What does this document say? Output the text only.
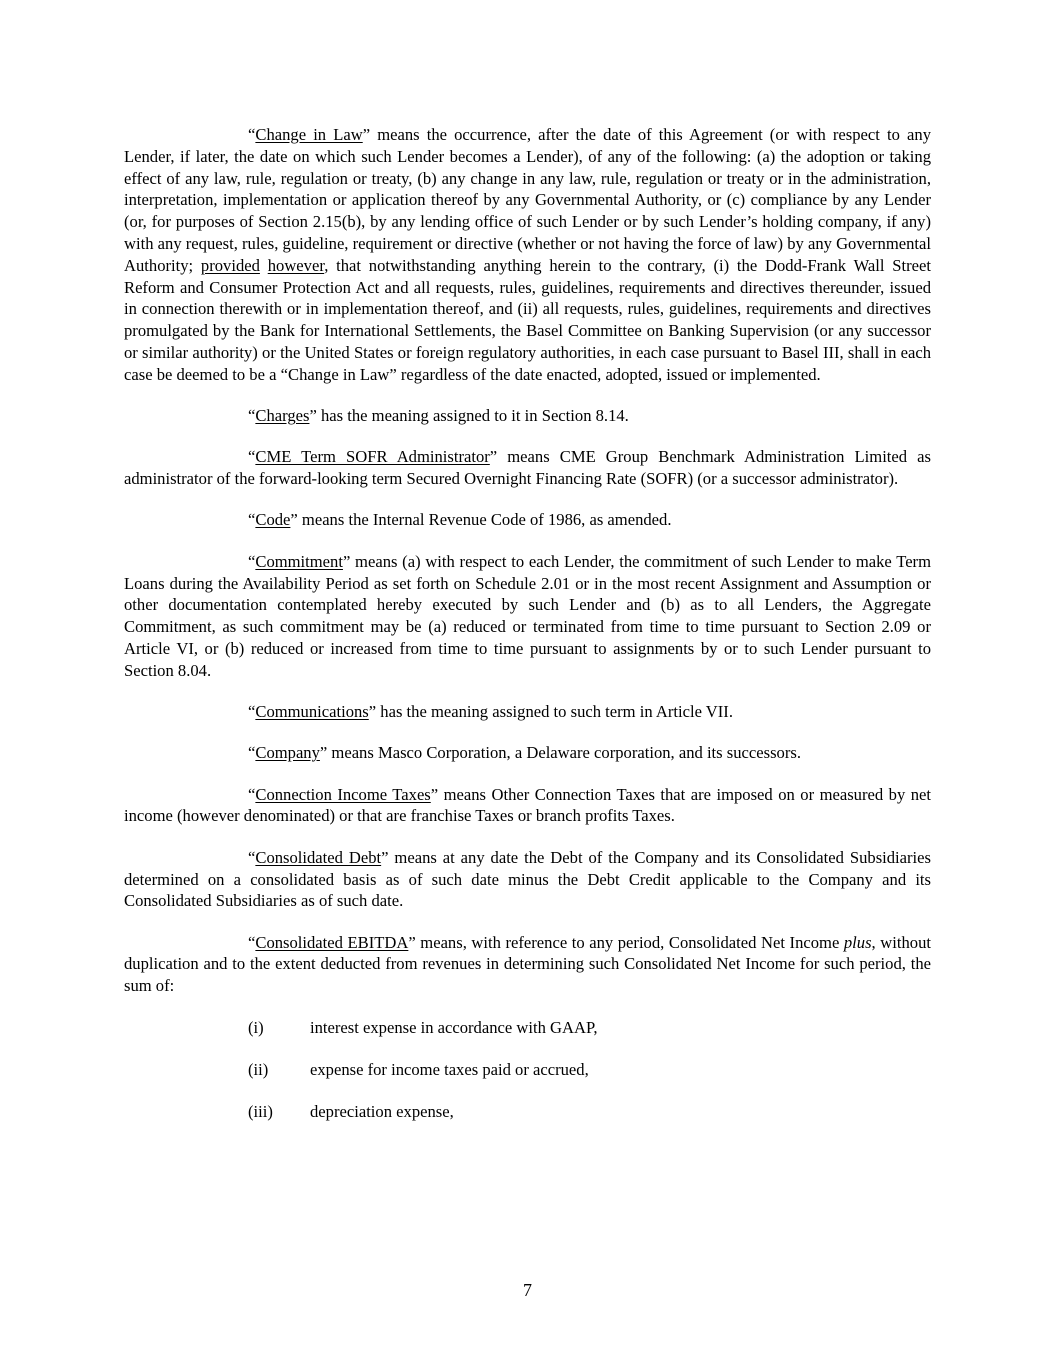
“Change in Law” means the occurrence, after the date of this Agreement (or with respect to any Lender, if later, the date on which such Lender becomes a Lender), of any of the following: (a) the adoption or taking effect of any law, rule, regulation or treaty, (b) any change in any law, rule, regulation or treaty or in the administration, interpretation, implementation or application thereof by any Governmental Authority, or (c) compliance by any Lender (or, for purposes of Section 2.15(b), by any lending office of such Lender or by such Lender’s holding company, if any) with any request, rules, guideline, requirement or directive (whether or not having the force of law) by any Governmental Authority; provided however, that notwithstanding anything herein to the contrary, (i) the Dodd-Frank Wall Street Reform and Consumer Protection Act and all requests, rules, guidelines, requirements and directives thereunder, issued in connection therewith or in implementation thereof, and (ii) all requests, rules, guidelines, requirements and directives promulgated by the Bank for International Settlements, the Basel Committee on Banking Supervision (or any successor or similar authority) or the United States or foreign regulatory authorities, in each case pursuant to Basel III, shall in each case be deemed to be a “Change in Law” regardless of the date enacted, adopted, issued or implemented.

“Charges” has the meaning assigned to it in Section 8.14.

“CME Term SOFR Administrator” means CME Group Benchmark Administration Limited as administrator of the forward-looking term Secured Overnight Financing Rate (SOFR) (or a successor administrator).

“Code” means the Internal Revenue Code of 1986, as amended.

“Commitment” means (a) with respect to each Lender, the commitment of such Lender to make Term Loans during the Availability Period as set forth on Schedule 2.01 or in the most recent Assignment and Assumption or other documentation contemplated hereby executed by such Lender and (b) as to all Lenders, the Aggregate Commitment, as such commitment may be (a) reduced or terminated from time to time pursuant to Section 2.09 or Article VI, or (b) reduced or increased from time to time pursuant to assignments by or to such Lender pursuant to Section 8.04.

“Communications” has the meaning assigned to such term in Article VII.

“Company” means Masco Corporation, a Delaware corporation, and its successors.

“Connection Income Taxes” means Other Connection Taxes that are imposed on or measured by net income (however denominated) or that are franchise Taxes or branch profits Taxes.

“Consolidated Debt” means at any date the Debt of the Company and its Consolidated Subsidiaries determined on a consolidated basis as of such date minus the Debt Credit applicable to the Company and its Consolidated Subsidiaries as of such date.

“Consolidated EBITDA” means, with reference to any period, Consolidated Net Income plus, without duplication and to the extent deducted from revenues in determining such Consolidated Net Income for such period, the sum of:

(i)	interest expense in accordance with GAAP,
(ii)	expense for income taxes paid or accrued,
(iii)	depreciation expense,
7
